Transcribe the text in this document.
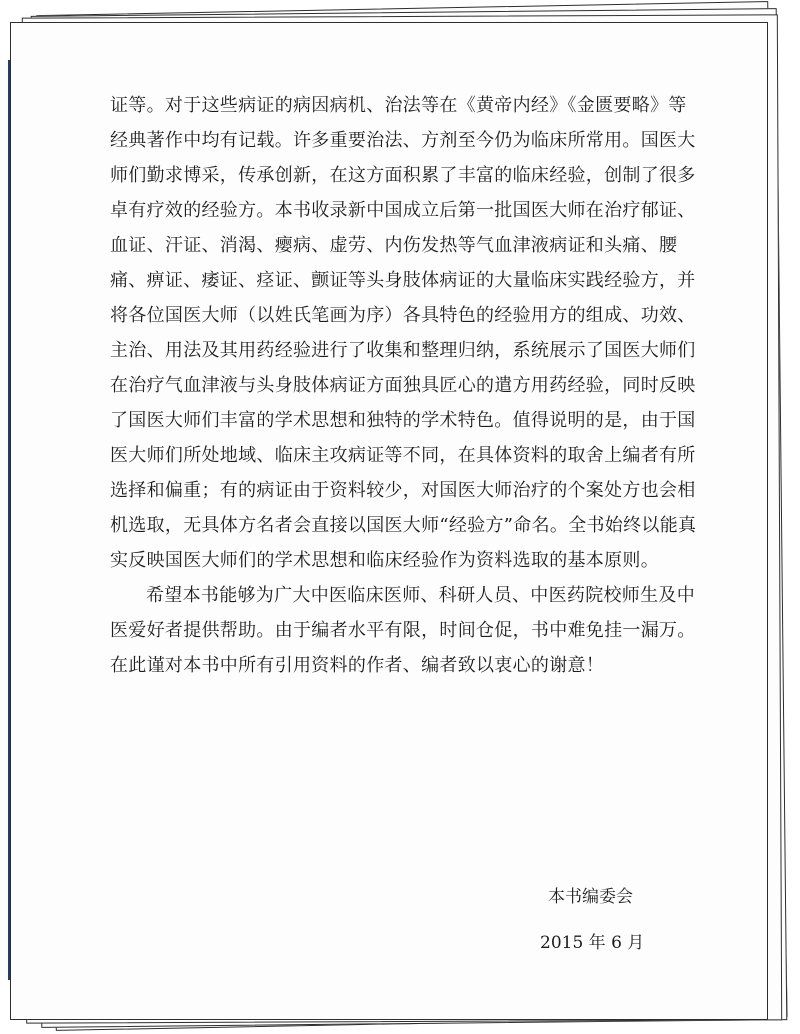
证等。对于这些病证的病因病机、治法等在《黄帝内经》《金匮要略》等经典著作中均有记载。许多重要治法、方剂至今仍为临床所常用。国医大师们勤求博采，传承创新，在这方面积累了丰富的临床经验，创制了很多卓有疗效的经验方。本书收录新中国成立后第一批国医大师在治疗郁证、血证、汗证、消渴、瘿病、虚劳、内伤发热等气血津液病证和头痛、腰痛、痹证、痿证、痉证、颤证等头身肢体病证的大量临床实践经验方，并将各位国医大师（以姓氏笔画为序）各具特色的经验用方的组成、功效、主治、用法及其用药经验进行了收集和整理归纳，系统展示了国医大师们在治疗气血津液与头身肢体病证方面独具匠心的遣方用药经验，同时反映了国医大师们丰富的学术思想和独特的学术特色。值得说明的是，由于国医大师们所处地域、临床主攻病证等不同，在具体资料的取舍上编者有所选择和偏重；有的病证由于资料较少，对国医大师治疗的个案处方也会相机选取，无具体方名者会直接以国医大师“经验方”命名。全书始终以能真实反映国医大师们的学术思想和临床经验作为资料选取的基本原则。

希望本书能够为广大中医临床医师、科研人员、中医药院校师生及中医爱好者提供帮助。由于编者水平有限，时间仓促，书中难免挂一漏万。在此谨对本书中所有引用资料的作者、编者致以衷心的谢意！

本书编委会
2015 年 6 月
